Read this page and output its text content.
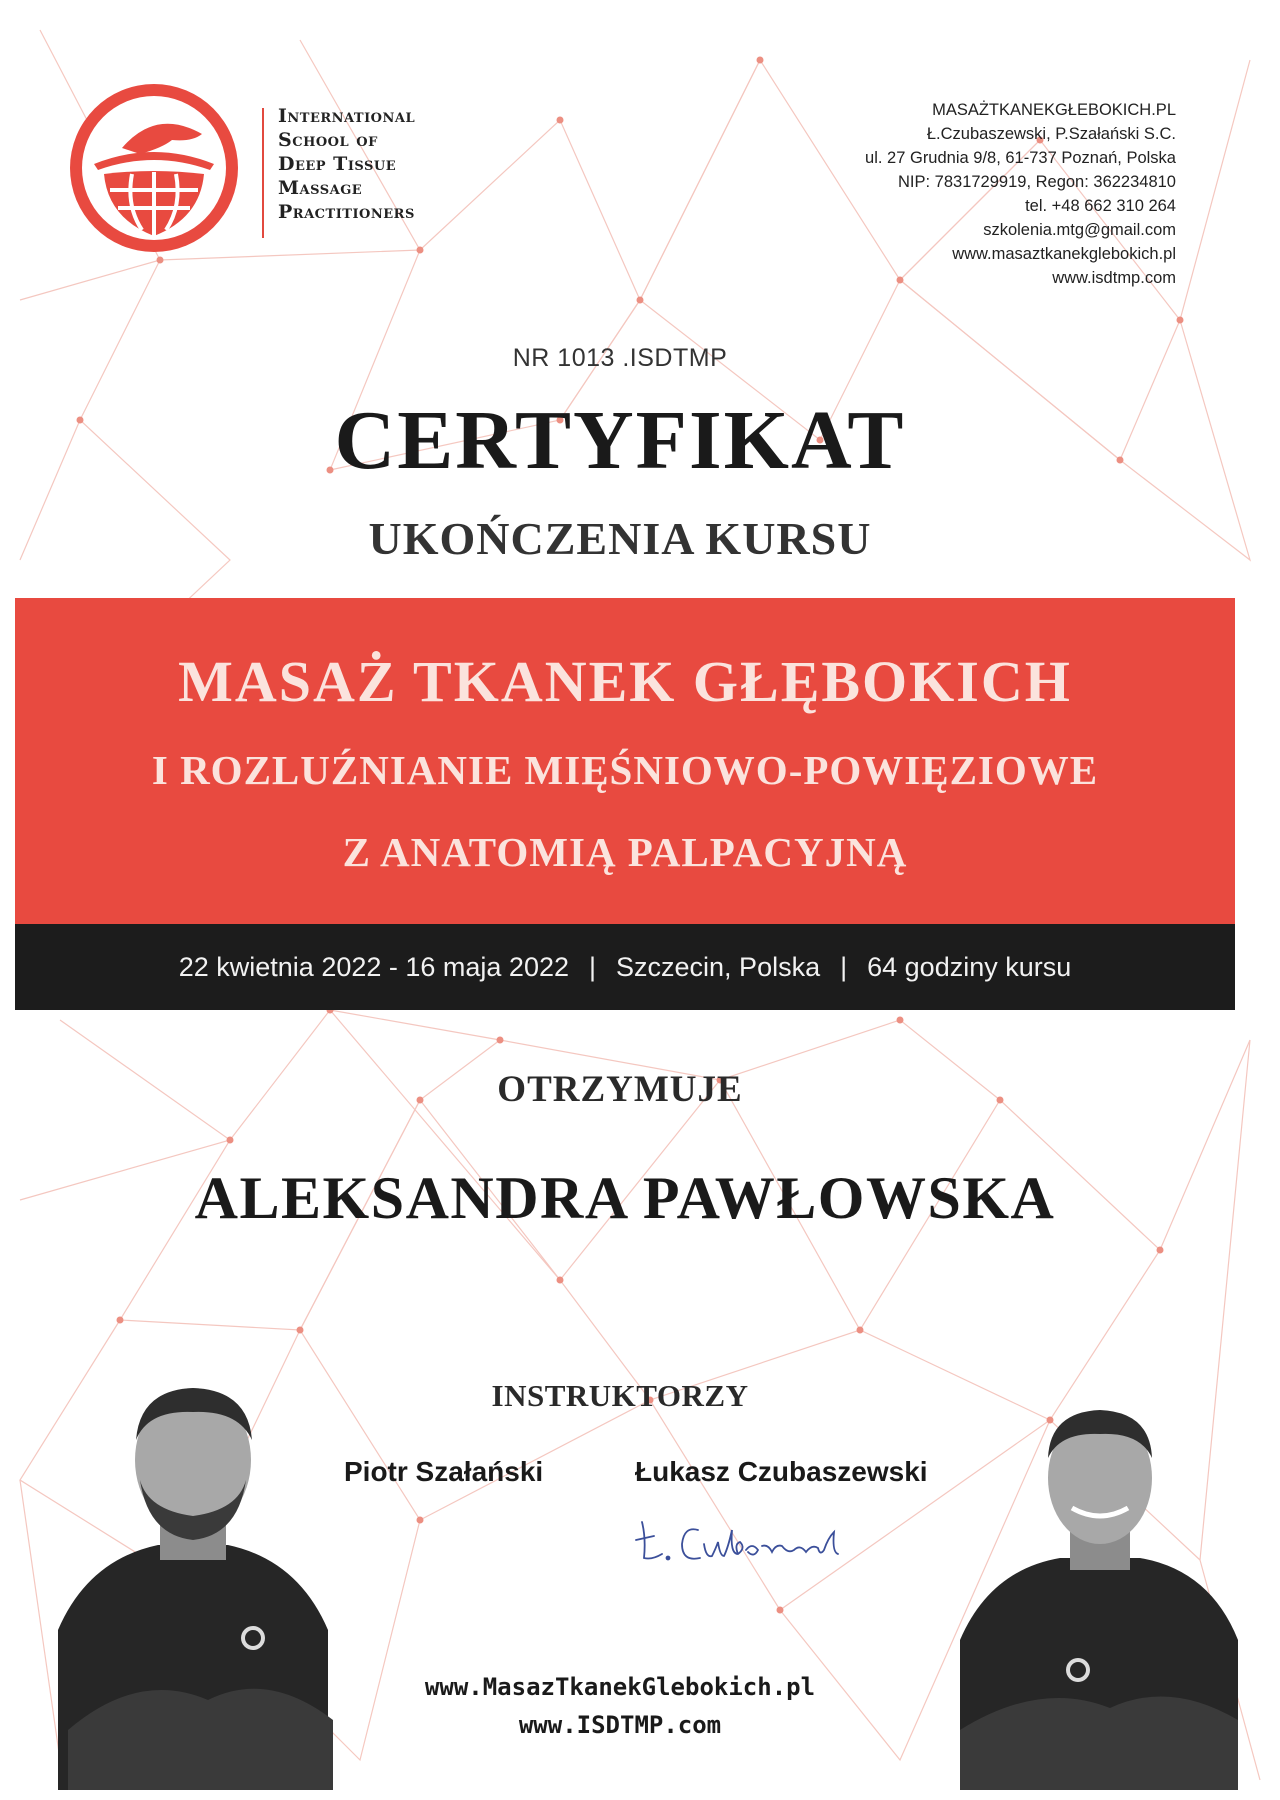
International
School of
Deep Tissue
Massage
Practitioners
MASAŻTKANEKGŁEBOKICH.PL
Ł.Czubaszewski, P.Szałański S.C.
ul. 27 Grudnia 9/8, 61-737 Poznań, Polska
NIP: 7831729919, Regon: 362234810
tel. +48 662 310 264
szkolenia.mtg@gmail.com
www.masaztkanekglebokich.pl
www.isdtmp.com
NR 1013 .ISDTMP
CERTYFIKAT
UKOŃCZENIA KURSU
MASAŻ TKANEK GŁĘBOKICH
I ROZLUŹNIANIE MIĘŚNIOWO-POWIĘZIOWE
Z ANATOMIĄ PALPACYJNĄ
22 kwietnia 2022 - 16 maja 2022 | Szczecin, Polska | 64 godziny kursu
OTRZYMUJE
ALEKSANDRA PAWŁOWSKA
INSTRUKTORZY
Piotr Szałański	Łukasz Czubaszewski
www.MasazTkanekGlebokich.pl
www.ISDTMP.com
